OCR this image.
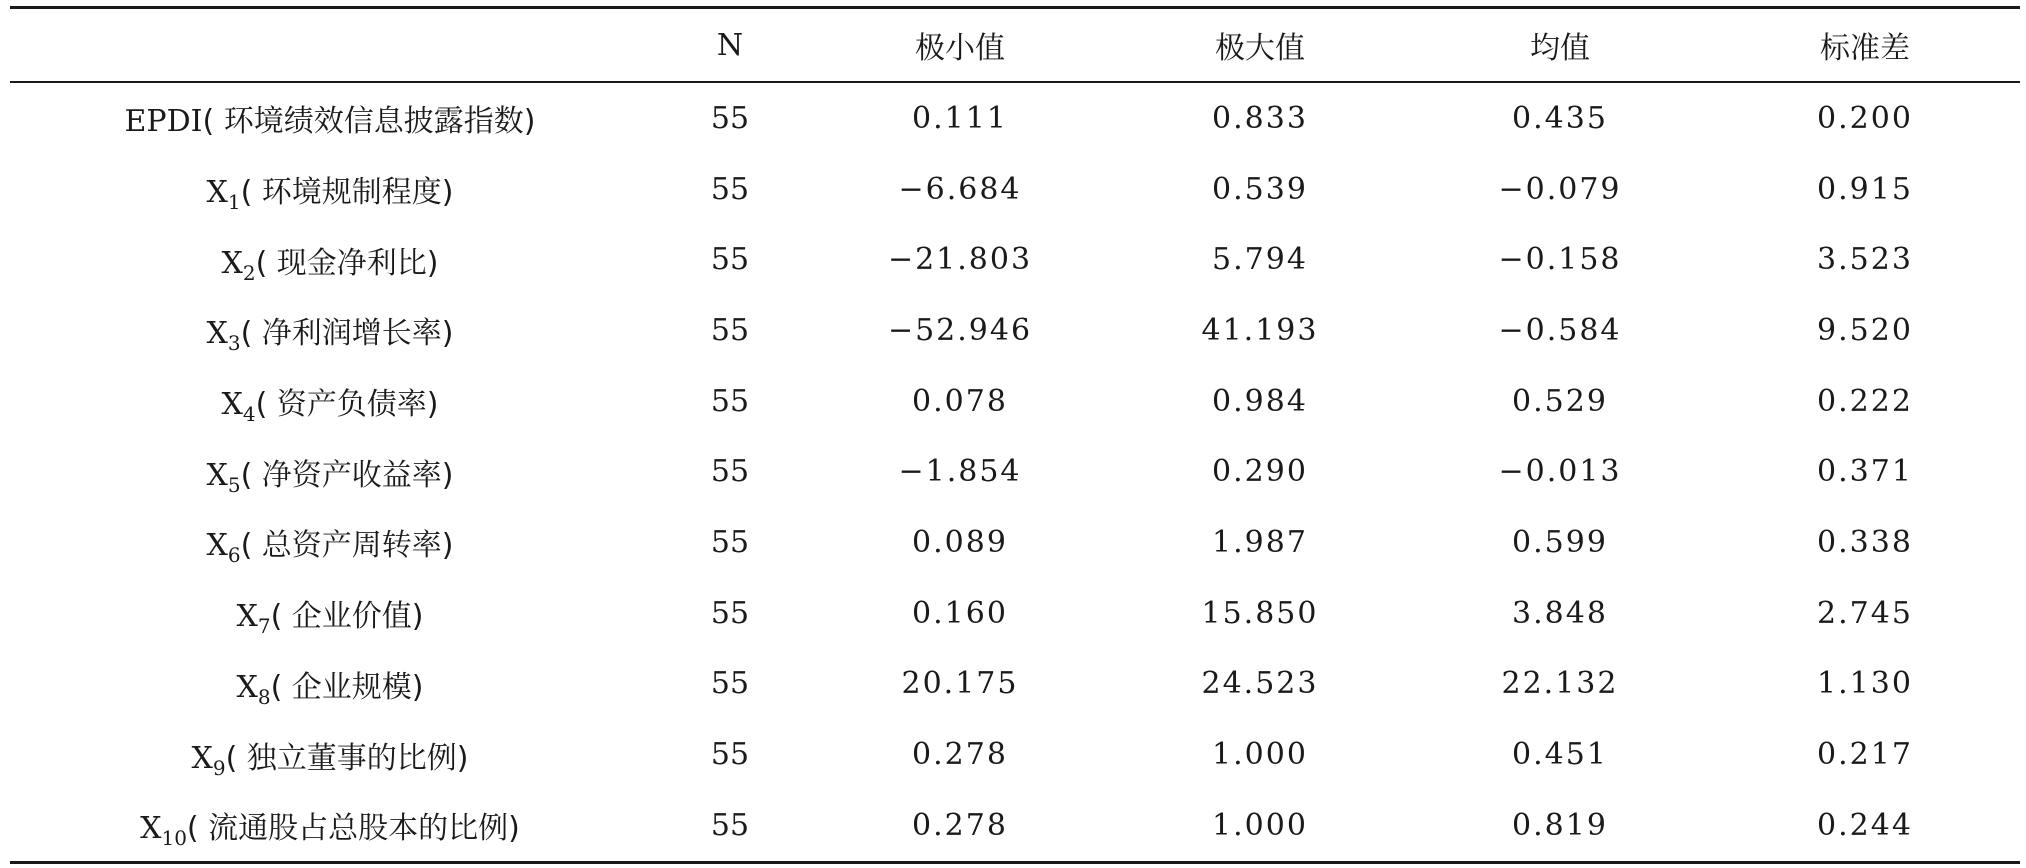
	N	极小值	极大值	均值	标准差
EPDI( 环境绩效信息披露指数)	55	0.111	0.833	0.435	0.200
$X_1$( 环境规制程度)	55	−6.684	0.539	−0.079	0.915
$X_2$( 现金净利比)	55	−21.803	5.794	−0.158	3.523
$X_3$( 净利润增长率)	55	−52.946	41.193	−0.584	9.520
$X_4$( 资产负债率)	55	0.078	0.984	0.529	0.222
$X_5$( 净资产收益率)	55	−1.854	0.290	−0.013	0.371
$X_6$( 总资产周转率)	55	0.089	1.987	0.599	0.338
$X_7$( 企业价值)	55	0.160	15.850	3.848	2.745
$X_8$( 企业规模)	55	20.175	24.523	22.132	1.130
$X_9$( 独立董事的比例)	55	0.278	1.000	0.451	0.217
$X_{10}$( 流通股占总股本的比例)	55	0.278	1.000	0.819	0.244
